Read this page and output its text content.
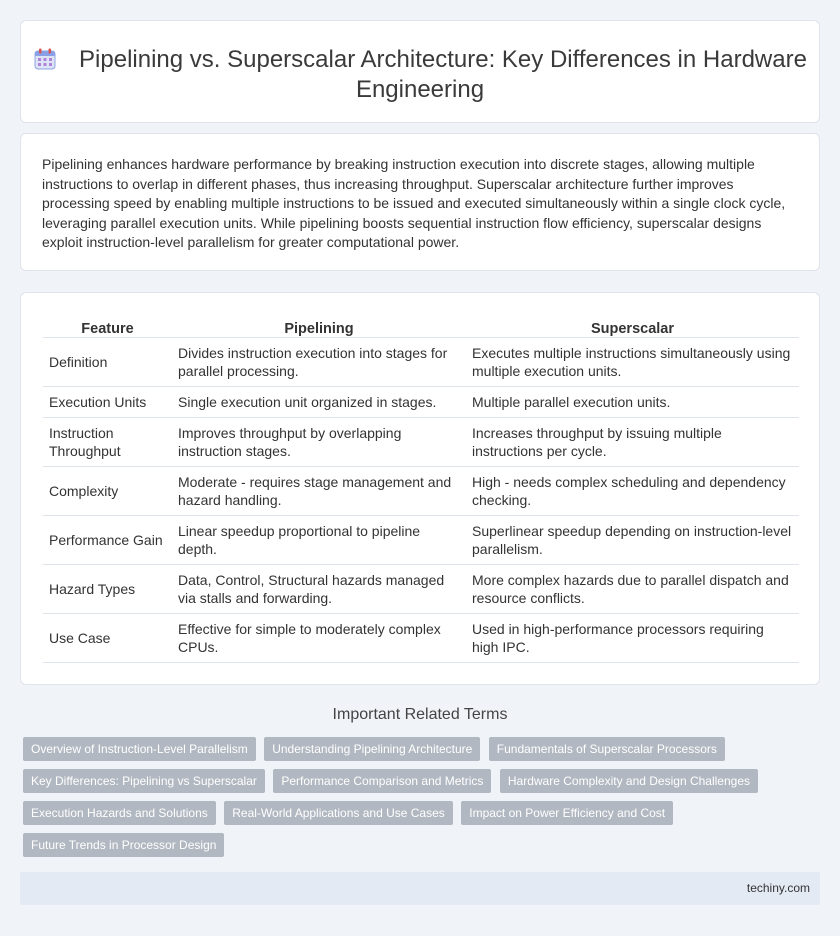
Pipelining vs. Superscalar Architecture: Key Differences in Hardware Engineering

Pipelining enhances hardware performance by breaking instruction execution into discrete stages, allowing multiple instructions to overlap in different phases, thus increasing throughput. Superscalar architecture further improves processing speed by enabling multiple instructions to be issued and executed simultaneously within a single clock cycle, leveraging parallel execution units. While pipelining boosts sequential instruction flow efficiency, superscalar designs exploit instruction-level parallelism for greater computational power.

Feature	Pipelining	Superscalar
Definition	Divides instruction execution into stages for parallel processing.	Executes multiple instructions simultaneously using multiple execution units.
Execution Units	Single execution unit organized in stages.	Multiple parallel execution units.
Instruction Throughput	Improves throughput by overlapping instruction stages.	Increases throughput by issuing multiple instructions per cycle.
Complexity	Moderate - requires stage management and hazard handling.	High - needs complex scheduling and dependency checking.
Performance Gain	Linear speedup proportional to pipeline depth.	Superlinear speedup depending on instruction-level parallelism.
Hazard Types	Data, Control, Structural hazards managed via stalls and forwarding.	More complex hazards due to parallel dispatch and resource conflicts.
Use Case	Effective for simple to moderately complex CPUs.	Used in high-performance processors requiring high IPC.
Important Related Terms
Overview of Instruction-Level Parallelism Understanding Pipelining Architecture Fundamentals of Superscalar Processors Key Differences: Pipelining vs Superscalar Performance Comparison and Metrics Hardware Complexity and Design Challenges Execution Hazards and Solutions Real-World Applications and Use Cases Impact on Power Efficiency and Cost Future Trends in Processor Design
techiny.com
